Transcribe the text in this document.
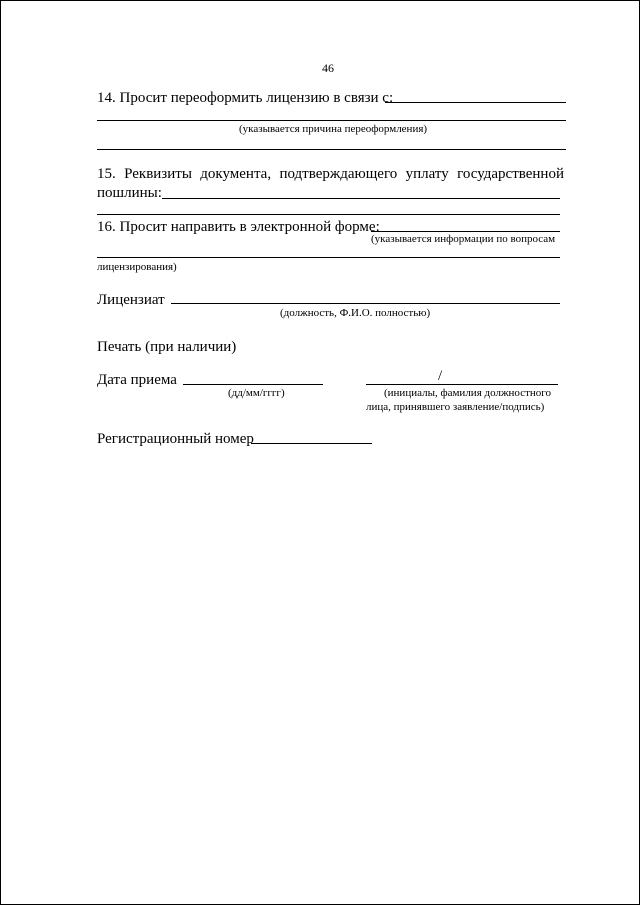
46
14. Просит переоформить лицензию в связи с:
(указывается причина переоформления)
15. Реквизиты документа, подтверждающего уплату государственной
пошлины:
16. Просит направить в электронной форме:
(указывается информации по вопросам
лицензирования)
Лицензиат
(должность, Ф.И.О. полностью)
Печать (при наличии)
Дата приема
(дд/мм/гггг)
/
(инициалы, фамилия должностного
лица, принявшего заявление/подпись)
Регистрационный номер
